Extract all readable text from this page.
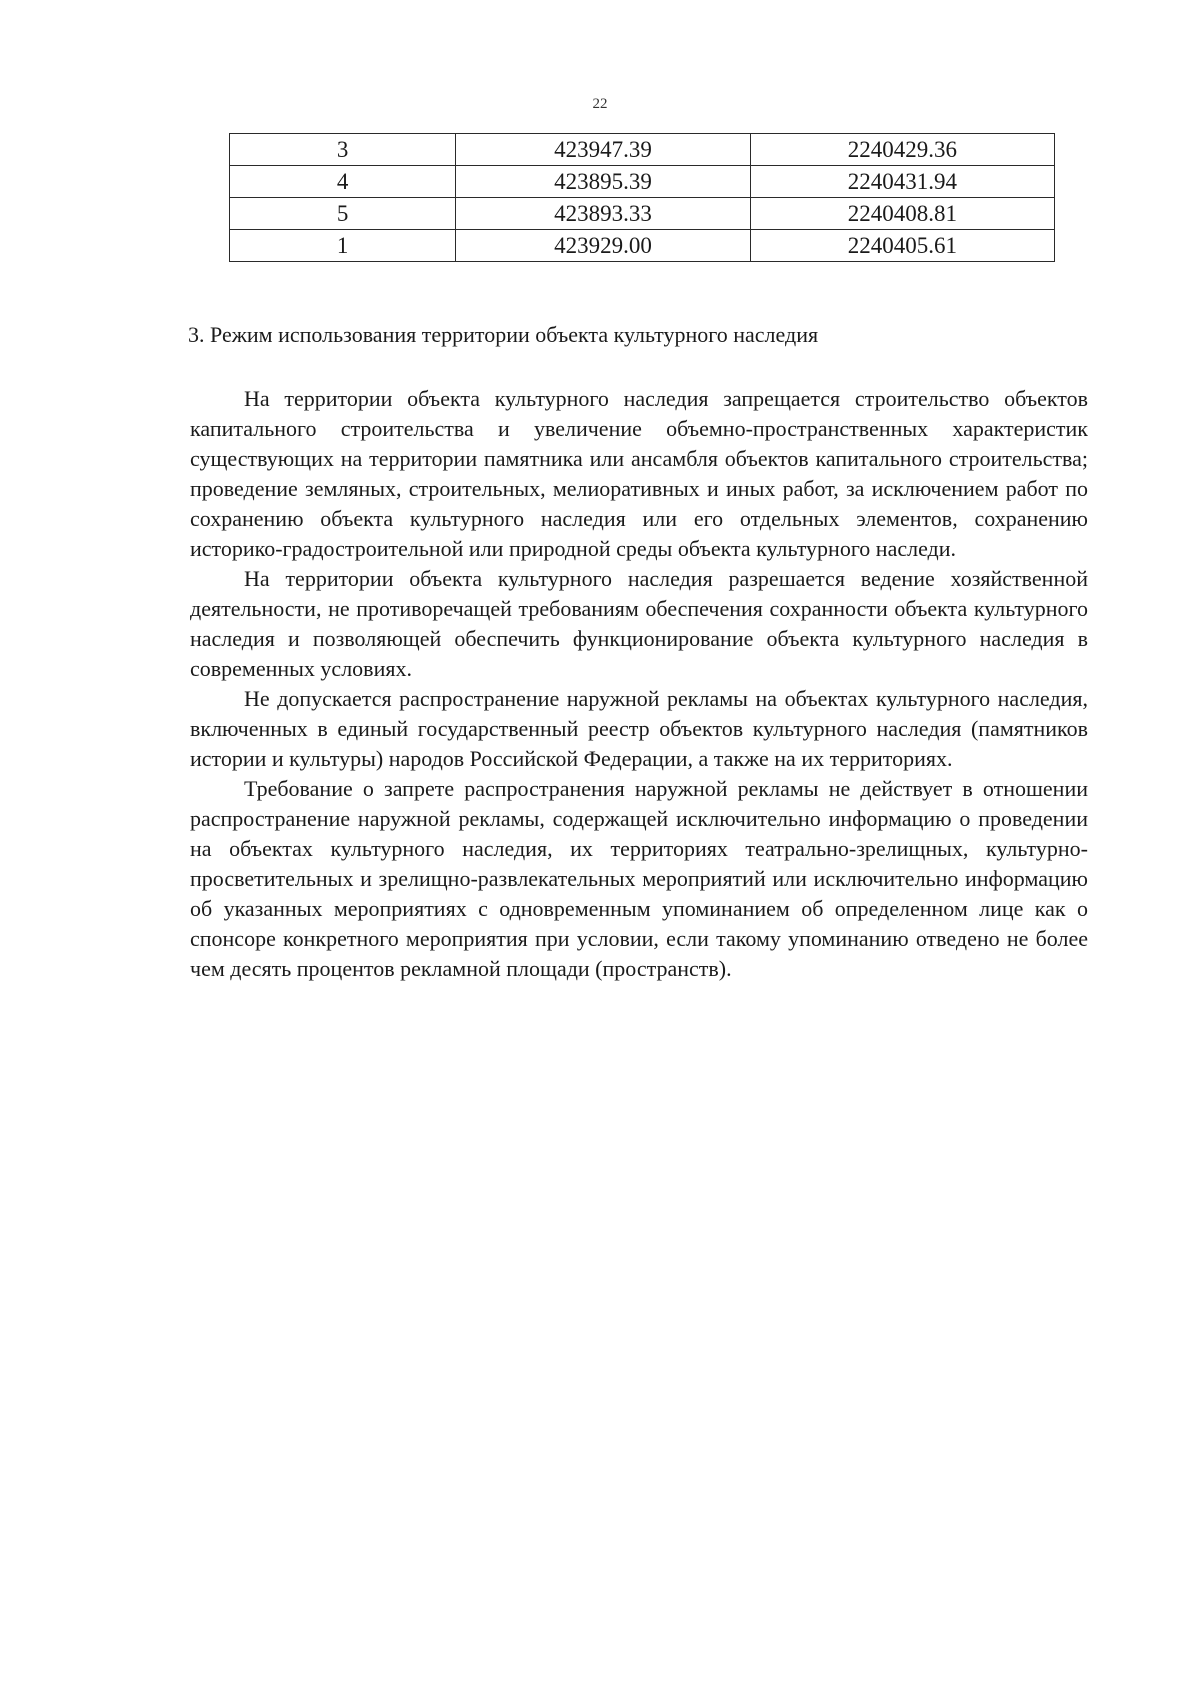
22
3	423947.39	2240429.36
4	423895.39	2240431.94
5	423893.33	2240408.81
1	423929.00	2240405.61
3. Режим использования территории объекта культурного наследия

На территории объекта культурного наследия запрещается строительство объектов капитального строительства и увеличение объемно-пространственных характеристик существующих на территории памятника или ансамбля объектов капитального строительства; проведение земляных, строительных, мелиоративных и иных работ, за исключением работ по сохранению объекта культурного наследия или его отдельных элементов, сохранению историко-градостроительной или природной среды объекта культурного наследи.

На территории объекта культурного наследия разрешается ведение хозяйственной деятельности, не противоречащей требованиям обеспечения сохранности объекта культурного наследия и позволяющей обеспечить функционирование объекта культурного наследия в современных условиях.

Не допускается распространение наружной рекламы на объектах культурного наследия, включенных в единый государственный реестр объектов культурного наследия (памятников истории и культуры) народов Российской Федерации, а также на их территориях.

Требование о запрете распространения наружной рекламы не действует в отношении распространение наружной рекламы, содержащей исключительно информацию о проведении на объектах культурного наследия, их территориях театрально-зрелищных, культурно-просветительных и зрелищно-развлекательных мероприятий или исключительно информацию об указанных мероприятиях с одновременным упоминанием об определенном лице как о спонсоре конкретного мероприятия при условии, если такому упоминанию отведено не более чем десять процентов рекламной площади (пространств).
